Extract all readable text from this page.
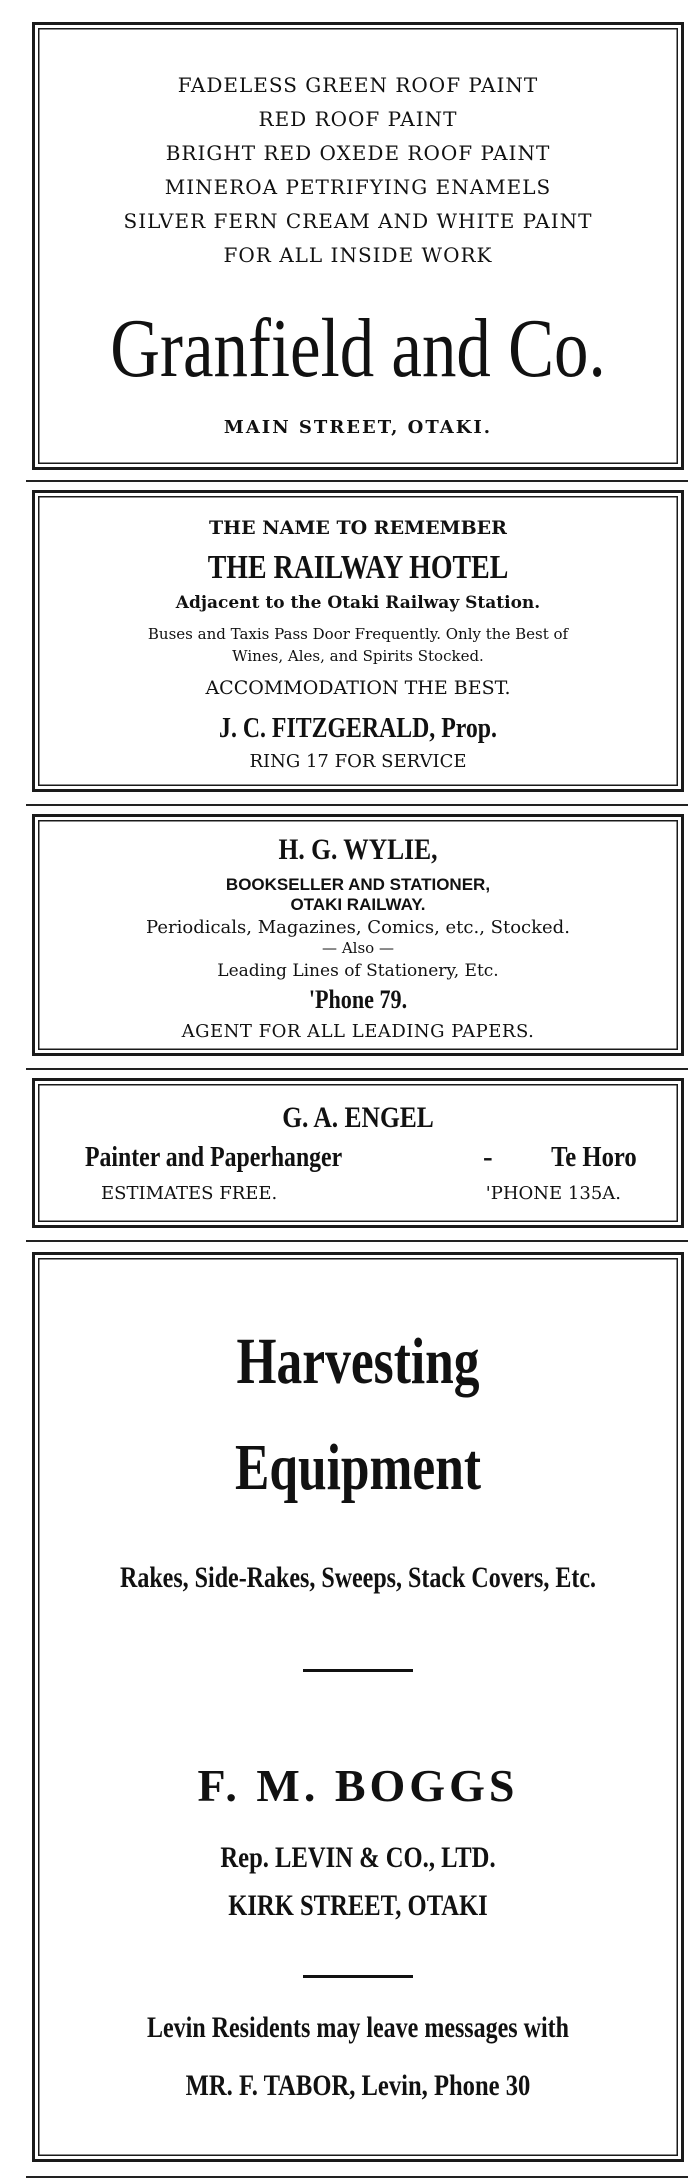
FADELESS GREEN ROOF PAINT
RED ROOF PAINT
BRIGHT RED OXEDE ROOF PAINT
MINEROA PETRIFYING ENAMELS
SILVER FERN CREAM AND WHITE PAINT
FOR ALL INSIDE WORK
Granfield and Co.
MAIN STREET, OTAKI.
THE NAME TO REMEMBER
THE RAILWAY HOTEL
Adjacent to the Otaki Railway Station.
Buses and Taxis Pass Door Frequently. Only the Best of
Wines, Ales, and Spirits Stocked.
ACCOMMODATION THE BEST.
J. C. FITZGERALD, Prop.
RING 17 FOR SERVICE
H. G. WYLIE,
BOOKSELLER AND STATIONER,
OTAKI RAILWAY.
Periodicals, Magazines, Comics, etc., Stocked.
— Also —
Leading Lines of Stationery, Etc.
'Phone 79.
AGENT FOR ALL LEADING PAPERS.
G. A. ENGEL
Painter and Paperhanger	- Te Horo
ESTIMATES FREE.	'PHONE 135A.
Harvesting
Equipment
Rakes, Side-Rakes, Sweeps, Stack Covers, Etc.
F. M. BOGGS
Rep. LEVIN & CO., LTD.
KIRK STREET, OTAKI
Levin Residents may leave messages with
MR. F. TABOR, Levin, Phone 30
